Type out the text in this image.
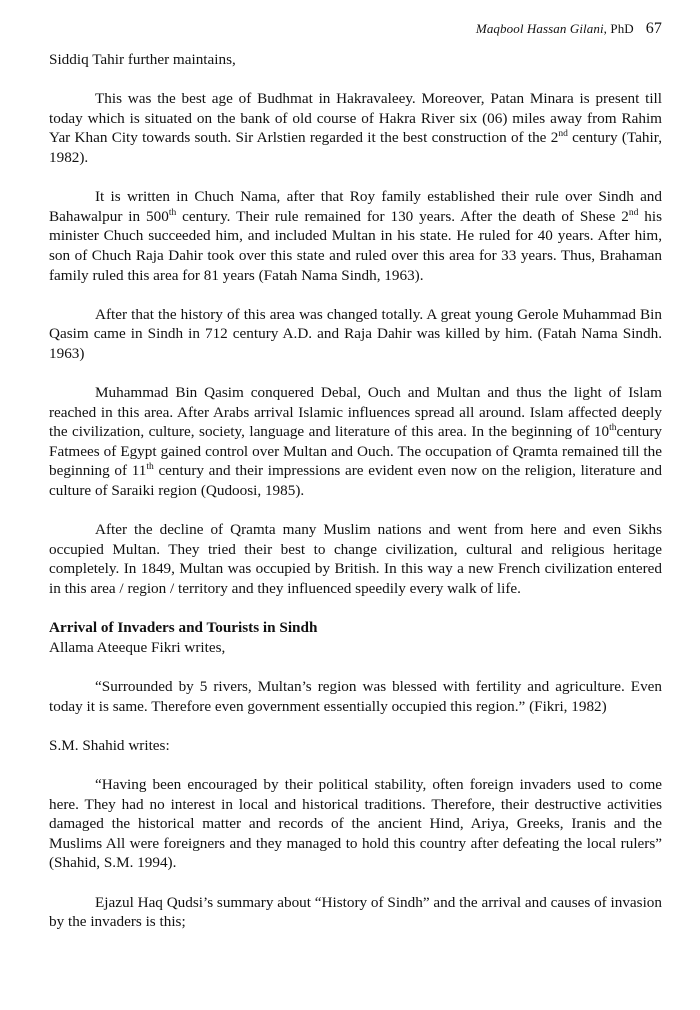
Maqbool Hassan Gilani, PhD 67

Siddiq Tahir further maintains,

This was the best age of Budhmat in Hakravaleey. Moreover, Patan Minara is present till today which is situated on the bank of old course of Hakra River six (06) miles away from Rahim Yar Khan City towards south. Sir Arlstien regarded it the best construction of the 2nd century (Tahir, 1982).

It is written in Chuch Nama, after that Roy family established their rule over Sindh and Bahawalpur in 500th century. Their rule remained for 130 years. After the death of Shese 2nd his minister Chuch succeeded him, and included Multan in his state. He ruled for 40 years. After him, son of Chuch Raja Dahir took over this state and ruled over this area for 33 years. Thus, Brahaman family ruled this area for 81 years (Fatah Nama Sindh, 1963).

After that the history of this area was changed totally. A great young Gerole Muhammad Bin Qasim came in Sindh in 712 century A.D. and Raja Dahir was killed by him. (Fatah Nama Sindh. 1963)

Muhammad Bin Qasim conquered Debal, Ouch and Multan and thus the light of Islam reached in this area. After Arabs arrival Islamic influences spread all around. Islam affected deeply the civilization, culture, society, language and literature of this area. In the beginning of 10thcentury Fatmees of Egypt gained control over Multan and Ouch. The occupation of Qramta remained till the beginning of 11th century and their impressions are evident even now on the religion, literature and culture of Saraiki region (Qudoosi, 1985).

After the decline of Qramta many Muslim nations and went from here and even Sikhs occupied Multan. They tried their best to change civilization, cultural and religious heritage completely. In 1849, Multan was occupied by British. In this way a new French civilization entered in this area / region / territory and they influenced speedily every walk of life.

Arrival of Invaders and Tourists in Sindh

Allama Ateeque Fikri writes,

“Surrounded by 5 rivers, Multan’s region was blessed with fertility and agriculture. Even today it is same. Therefore even government essentially occupied this region.” (Fikri, 1982)

S.M. Shahid writes:

“Having been encouraged by their political stability, often foreign invaders used to come here. They had no interest in local and historical traditions. Therefore, their destructive activities damaged the historical matter and records of the ancient Hind, Ariya, Greeks, Iranis and the Muslims All were foreigners and they managed to hold this country after defeating the local rulers” (Shahid, S.M. 1994).

Ejazul Haq Qudsi’s summary about “History of Sindh” and the arrival and causes of invasion by the invaders is this;
